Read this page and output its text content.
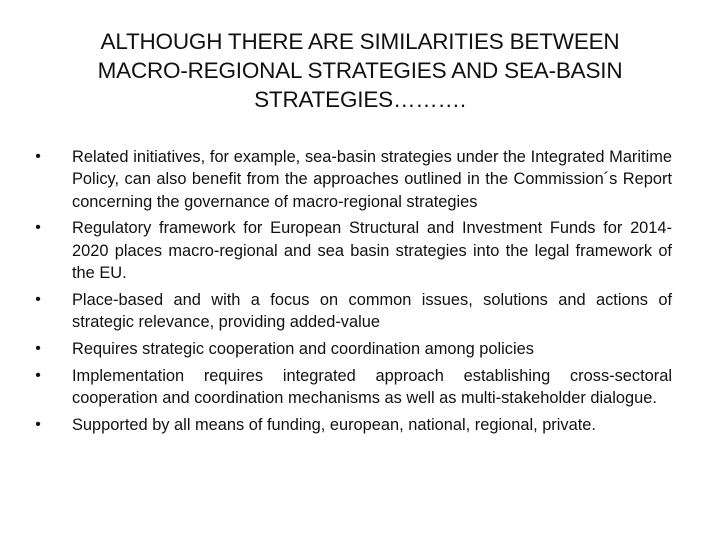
ALTHOUGH THERE ARE SIMILARITIES BETWEEN
MACRO-REGIONAL STRATEGIES AND SEA-BASIN
STRATEGIES……….
•	Related initiatives, for example, sea-basin strategies under the Integrated Maritime Policy, can also benefit from the approaches outlined in the Commission´s Report concerning the governance of macro-regional strategies
•	Regulatory framework for European Structural and Investment Funds for 2014-2020 places macro-regional and sea basin strategies into the legal framework of the EU.
•	Place-based and with a focus on common issues, solutions and actions of strategic relevance, providing added-value
•	Requires strategic cooperation and coordination among policies
•	Implementation requires integrated approach establishing cross-sectoral cooperation and coordination mechanisms as well as multi-stakeholder dialogue.
•	Supported by all means of funding, european, national, regional, private.
